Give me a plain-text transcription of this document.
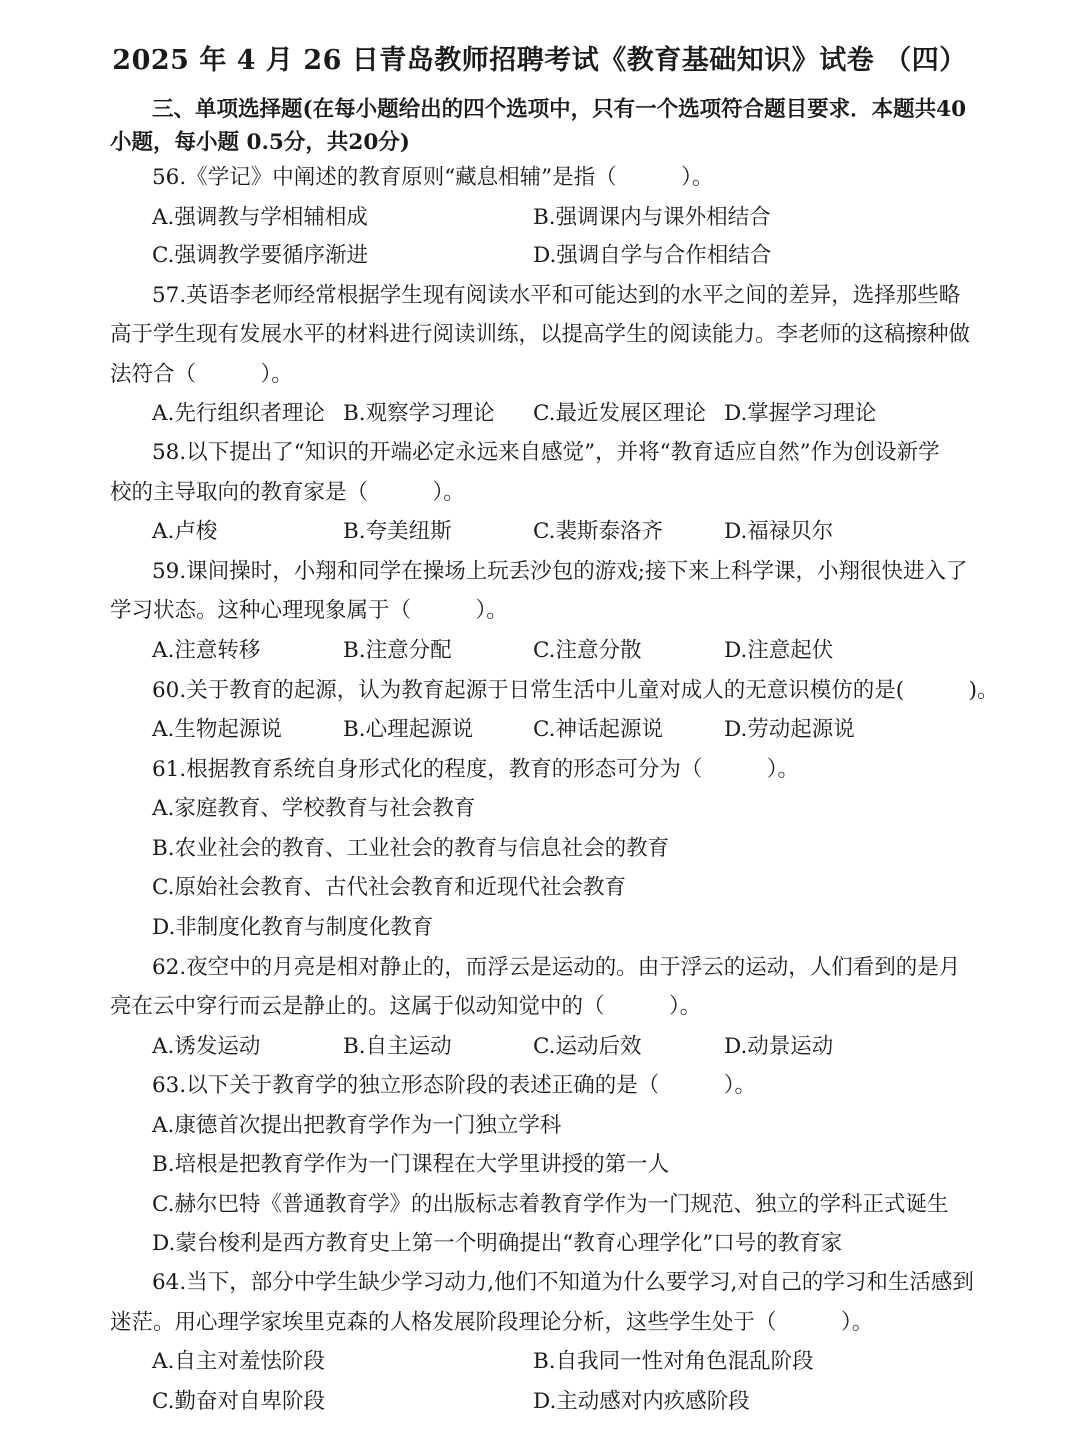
2025 年 4 月 26 日青岛教师招聘考试《教育基础知识》试卷 （四）
三、单项选择题(在每小题给出的四个选项中，只有一个选项符合题目要求．本题共40
小题，每小题 0.5分，共20分)
56.《学记》中阐述的教育原则“藏息相辅”是指（　　　）。
A.强调教与学相辅相成	B.强调课内与课外相结合
C.强调教学要循序渐进	D.强调自学与合作相结合
57.英语李老师经常根据学生现有阅读水平和可能达到的水平之间的差异，选择那些略
高于学生现有发展水平的材料进行阅读训练，以提高学生的阅读能力。李老师的这稿擦种做
法符合（　　　）。
A.先行组织者理论 B.观察学习理论 C.最近发展区理论 D.掌握学习理论
58.以下提出了“知识的开端必定永远来自感觉”，并将“教育适应自然”作为创设新学
校的主导取向的教育家是（　　　）。
A.卢梭	B.夸美纽斯	C.裴斯泰洛齐	D.福禄贝尔
59.课间操时，小翔和同学在操场上玩丢沙包的游戏;接下来上科学课，小翔很快进入了
学习状态。这种心理现象属于（　　　）。
A.注意转移	B.注意分配	C.注意分散	D.注意起伏
60.关于教育的起源，认为教育起源于日常生活中儿童对成人的无意识模仿的是(　　　)。
A.生物起源说	B.心理起源说	C.神话起源说	D.劳动起源说
61.根据教育系统自身形式化的程度，教育的形态可分为（　　　）。
A.家庭教育、学校教育与社会教育
B.农业社会的教育、工业社会的教育与信息社会的教育
C.原始社会教育、古代社会教育和近现代社会教育
D.非制度化教育与制度化教育
62.夜空中的月亮是相对静止的，而浮云是运动的。由于浮云的运动，人们看到的是月
亮在云中穿行而云是静止的。这属于似动知觉中的（　　　）。
A.诱发运动	B.自主运动	C.运动后效	D.动景运动
63.以下关于教育学的独立形态阶段的表述正确的是（　　　）。
A.康德首次提出把教育学作为一门独立学科
B.培根是把教育学作为一门课程在大学里讲授的第一人
C.赫尔巴特《普通教育学》的出版标志着教育学作为一门规范、独立的学科正式诞生
D.蒙台梭利是西方教育史上第一个明确提出“教育心理学化”口号的教育家
64.当下，部分中学生缺少学习动力,他们不知道为什么要学习,对自己的学习和生活感到
迷茫。用心理学家埃里克森的人格发展阶段理论分析，这些学生处于（　　　）。
A.自主对羞怯阶段	B.自我同一性对角色混乱阶段
C.勤奋对自卑阶段	D.主动感对内疚感阶段
